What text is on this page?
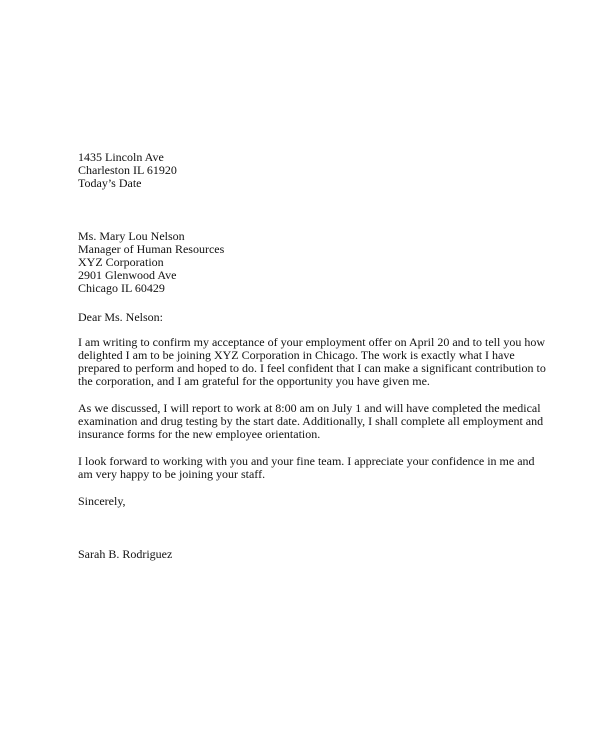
1435 Lincoln Ave
Charleston IL 61920
Today’s Date
Ms. Mary Lou Nelson
Manager of Human Resources
XYZ Corporation
2901 Glenwood Ave
Chicago IL 60429
Dear Ms. Nelson:
I am writing to confirm my acceptance of your employment offer on April 20 and to tell you how
delighted I am to be joining XYZ Corporation in Chicago. The work is exactly what I have
prepared to perform and hoped to do. I feel confident that I can make a significant contribution to
the corporation, and I am grateful for the opportunity you have given me.
As we discussed, I will report to work at 8:00 am on July 1 and will have completed the medical
examination and drug testing by the start date. Additionally, I shall complete all employment and
insurance forms for the new employee orientation.
I look forward to working with you and your fine team. I appreciate your confidence in me and
am very happy to be joining your staff.
Sincerely,
Sarah B. Rodriguez
